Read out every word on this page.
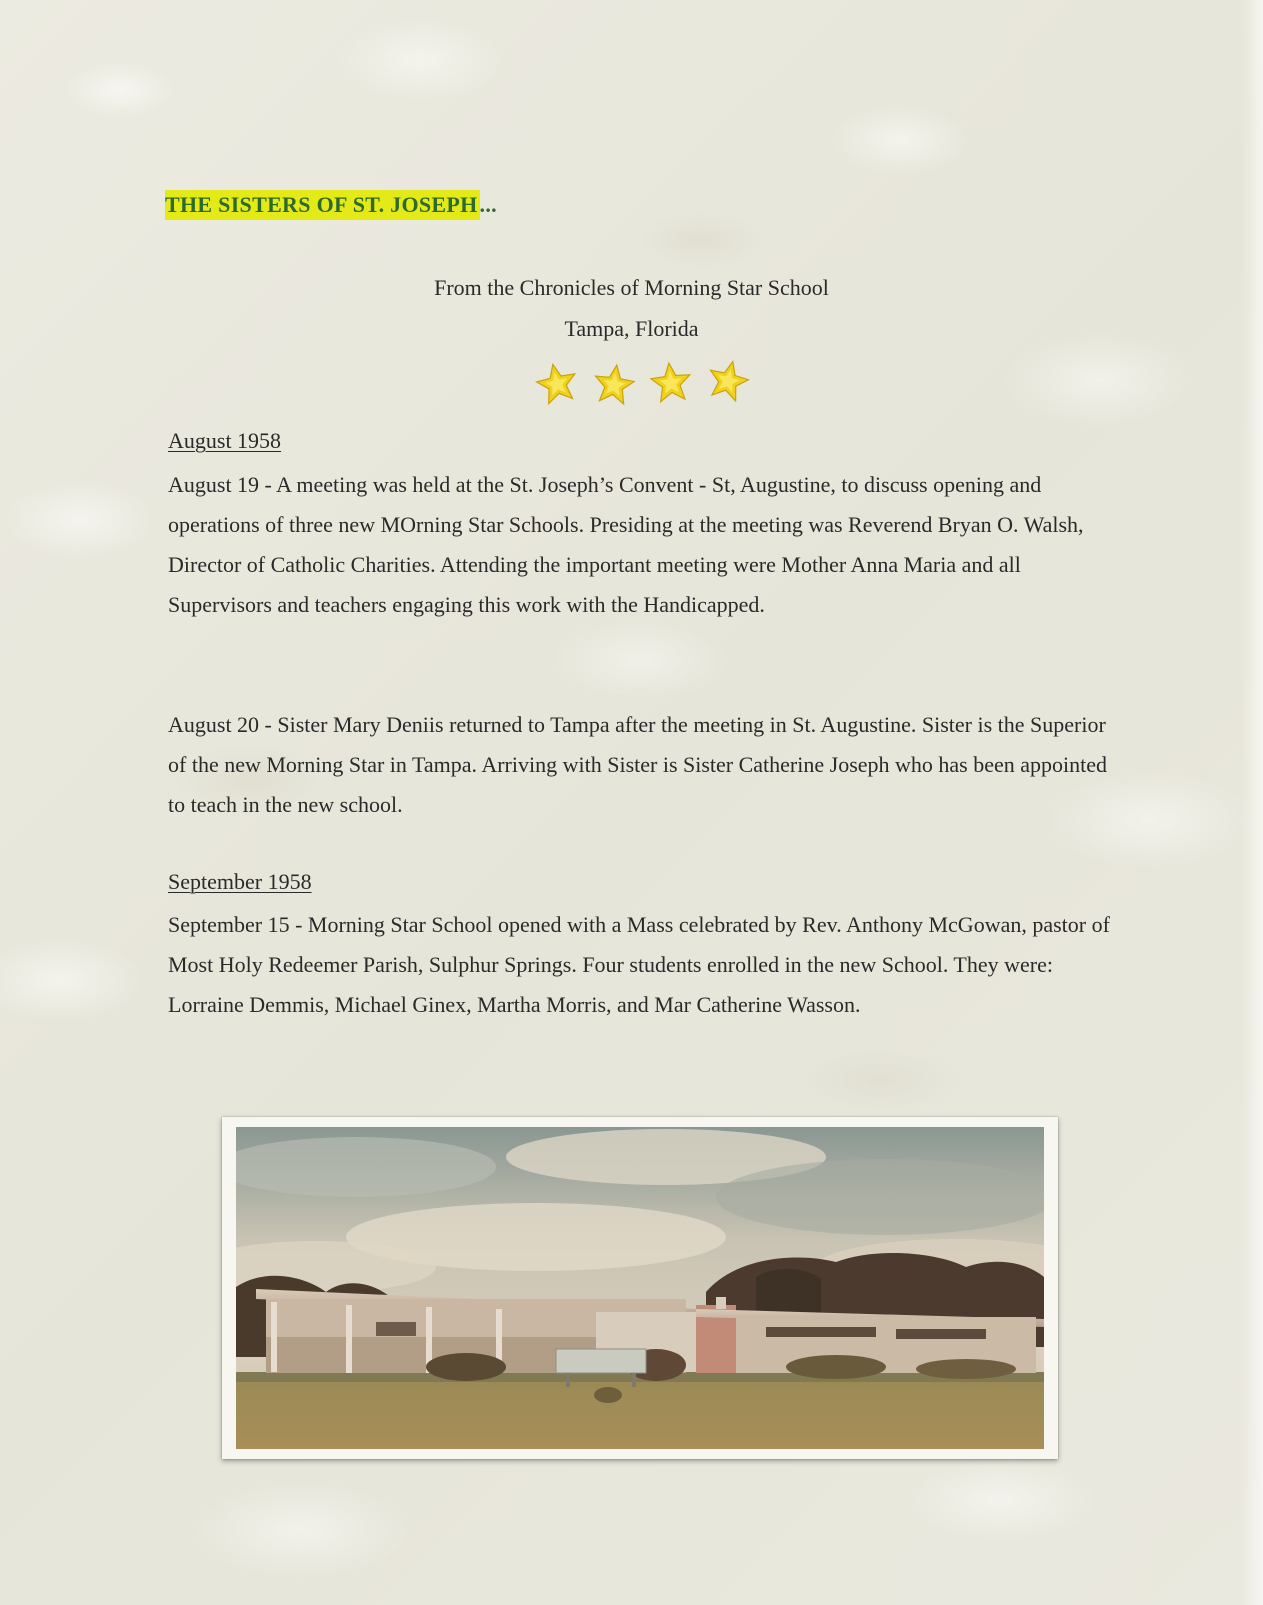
THE SISTERS OF ST. JOSEPH...
From the Chronicles of Morning Star School
Tampa, Florida
August 1958
August 19 - A meeting was held at the St. Joseph’s Convent - St, Augustine, to discuss opening and operations of three new MOrning Star Schools. Presiding at the meeting was Reverend Bryan O. Walsh, Director of Catholic Charities. Attending the important meeting were Mother Anna Maria and all Supervisors and teachers engaging this work with the Handicapped.
August 20 - Sister Mary Deniis returned to Tampa after the meeting in St. Augustine. Sister is the Superior of the new Morning Star in Tampa. Arriving with Sister is Sister Catherine Joseph who has been appointed to teach in the new school.
September 1958
September 15 - Morning Star School opened with a Mass celebrated by Rev. Anthony McGowan, pastor of Most Holy Redeemer Parish, Sulphur Springs. Four students enrolled in the new School. They were: Lorraine Demmis, Michael Ginex, Martha Morris, and Mar Catherine Wasson.
